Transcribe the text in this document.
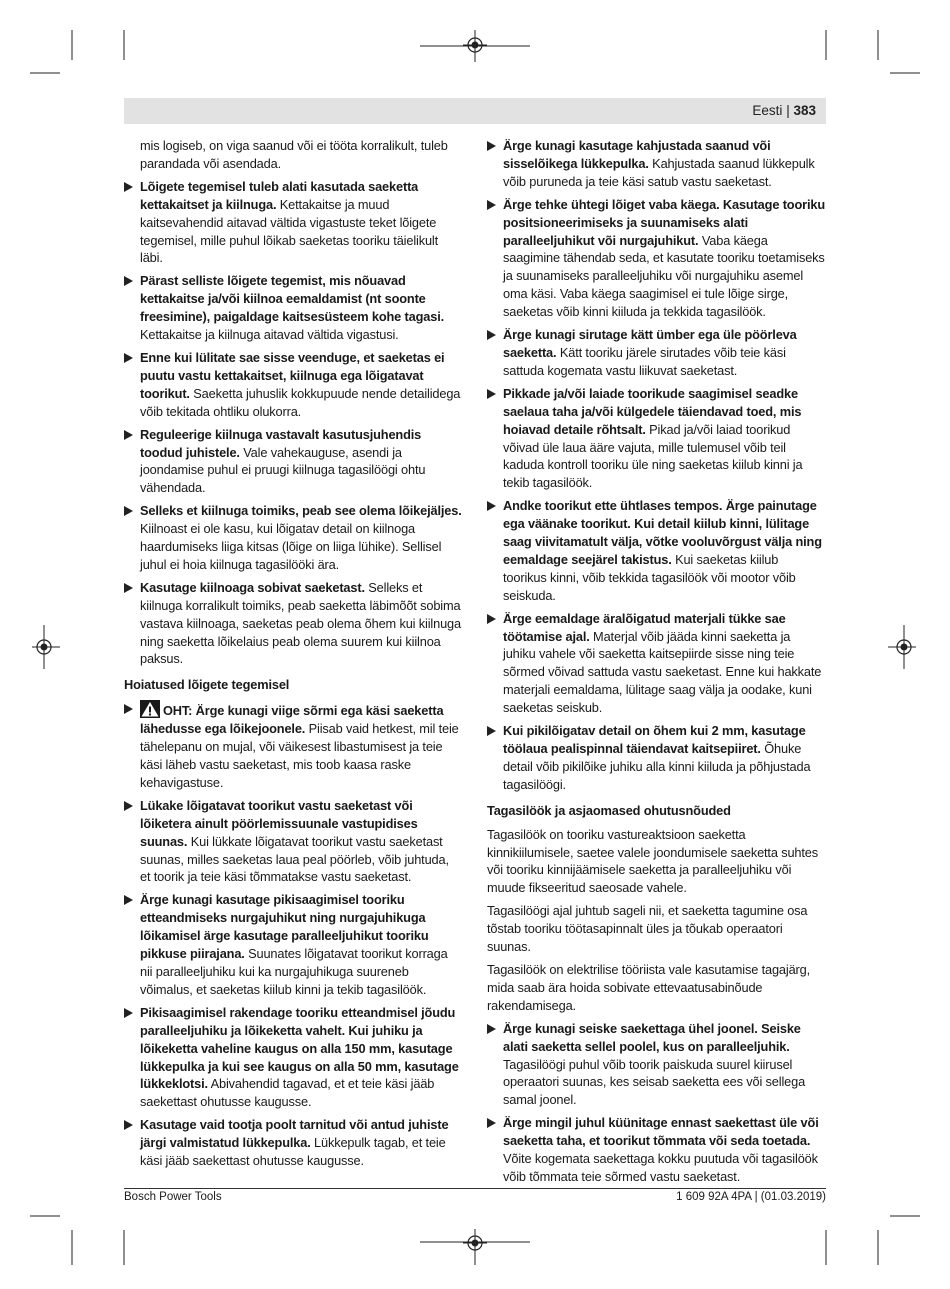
Eesti | 383

mis logiseb, on viga saanud või ei tööta korralikult, tuleb parandada või asendada.

Lõigete tegemisel tuleb alati kasutada saeketta kettakaitset ja kiilnuga. Kettakaitse ja muud kaitsevahendid aitavad vältida vigastuste teket lõigete tegemisel, mille puhul lõikab saeketas tooriku täielikult läbi.

Pärast selliste lõigete tegemist, mis nõuavad kettakaitse ja/või kiilnoa eemaldamist (nt soonte freesimine), paigaldage kaitsesüsteem kohe tagasi. Kettakaitse ja kiilnuga aitavad vältida vigastusi.

Enne kui lülitate sae sisse veenduge, et saeketas ei puutu vastu kettakaitset, kiilnuga ega lõigatavat toorikut. Saeketta juhuslik kokkupuude nende detailidega võib tekitada ohtliku olukorra.

Reguleerige kiilnuga vastavalt kasutusjuhendis toodud juhistele. Vale vahekauguse, asendi ja joondamise puhul ei pruugi kiilnuga tagasilöögi ohtu vähendada.

Selleks et kiilnuga toimiks, peab see olema lõikejäljes. Kiilnoast ei ole kasu, kui lõigatav detail on kiilnoga haardumiseks liiga kitsas (lõige on liiga lühike). Sellisel juhul ei hoia kiilnuga tagasilööki ära.

Kasutage kiilnoaga sobivat saeketast. Selleks et kiilnuga korralikult toimiks, peab saeketta läbimõõt sobima vastava kiilnoaga, saeketas peab olema õhem kui kiilnuga ning saeketta lõikelaius peab olema suurem kui kiilnoa paksus.

Hoiatused lõigete tegemisel

OHT: Ärge kunagi viige sõrmi ega käsi saeketta lähedusse ega lõikejoonele. Piisab vaid hetkest, mil teie tähelepanu on mujal, või väikesest libastumisest ja teie käsi läheb vastu saeketast, mis toob kaasa raske kehavigastuse.

Lükake lõigatavat toorikut vastu saeketast või lõiketera ainult pöörlemissuunale vastupidises suunas. Kui lükkate lõigatavat toorikut vastu saeketast suunas, milles saeketas laua peal pöörleb, võib juhtuda, et toorik ja teie käsi tõmmatakse vastu saeketast.

Ärge kunagi kasutage pikisaagimisel tooriku etteandmiseks nurgajuhikut ning nurgajuhikuga lõikamisel ärge kasutage paralleeljuhikut tooriku pikkuse piirajana. Suunates lõigatavat toorikut korraga nii paralleeljuhiku kui ka nurgajuhikuga suureneb võimalus, et saeketas kiilub kinni ja tekib tagasilöök.

Pikisaagimisel rakendage tooriku etteandmisel jõudu paralleeljuhiku ja lõikeketta vahelt. Kui juhiku ja lõikeketta vaheline kaugus on alla 150 mm, kasutage lükkepulka ja kui see kaugus on alla 50 mm, kasutage lükkeklotsi. Abivahendid tagavad, et et teie käsi jääb saekettast ohutusse kaugusse.

Kasutage vaid tootja poolt tarnitud või antud juhiste järgi valmistatud lükkepulka. Lükkepulk tagab, et teie käsi jääb saekettast ohutusse kaugusse.

Ärge kunagi kasutage kahjustada saanud või sisselõikega lükkepulka. Kahjustada saanud lükkepulk võib puruneda ja teie käsi satub vastu saeketast.

Ärge tehke ühtegi lõiget vaba käega. Kasutage tooriku positsioneerimiseks ja suunamiseks alati paralleeljuhikut või nurgajuhikut. Vaba käega saagimine tähendab seda, et kasutate tooriku toetamiseks ja suunamiseks paralleeljuhiku või nurgajuhiku asemel oma käsi. Vaba käega saagimisel ei tule lõige sirge, saeketas võib kinni kiiluda ja tekkida tagasilöök.

Ärge kunagi sirutage kätt ümber ega üle pöörleva saeketta. Kätt tooriku järele sirutades võib teie käsi sattuda kogemata vastu liikuvat saeketast.

Pikkade ja/või laiade toorikude saagimisel seadke saelaua taha ja/või külgedele täiendavad toed, mis hoiavad detaile rõhtsalt. Pikad ja/või laiad toorikud võivad üle laua ääre vajuta, mille tulemusel võib teil kaduda kontroll tooriku üle ning saeketas kiilub kinni ja tekib tagasilöök.

Andke toorikut ette ühtlases tempos. Ärge painutage ega väänake toorikut. Kui detail kiilub kinni, lülitage saag viivitamatult välja, võtke vooluvõrgust välja ning eemaldage seejärel takistus. Kui saeketas kiilub toorikus kinni, võib tekkida tagasilöök või mootor võib seiskuda.

Ärge eemaldage äralõigatud materjali tükke sae töötamise ajal. Materjal võib jääda kinni saeketta ja juhiku vahele või saeketta kaitsepiirde sisse ning teie sõrmed võivad sattuda vastu saeketast. Enne kui hakkate materjali eemaldama, lülitage saag välja ja oodake, kuni saeketas seiskub.

Kui pikilõigatav detail on õhem kui 2 mm, kasutage töölaua pealispinnal täiendavat kaitsepiiret. Õhuke detail võib pikilõike juhiku alla kinni kiiluda ja põhjustada tagasilöögi.

Tagasilöök ja asjaomased ohutusnõuded

Tagasilöök on tooriku vastureaktsioon saeketta kinnikiilumisele, saetee valele joondumisele saeketta suhtes või tooriku kinnijäämisele saeketta ja paralleeljuhiku või muude fikseeritud saeosade vahele.

Tagasilöögi ajal juhtub sageli nii, et saeketta tagumine osa tõstab tooriku töötasapinnalt üles ja tõukab operaatori suunas.

Tagasilöök on elektrilise tööriista vale kasutamise tagajärg, mida saab ära hoida sobivate ettevaatusabinõude rakendamisega.

Ärge kunagi seiske saekettaga ühel joonel. Seiske alati saeketta sellel poolel, kus on paralleeljuhik. Tagasilöögi puhul võib toorik paiskuda suurel kiirusel operaatori suunas, kes seisab saeketta ees või sellega samal joonel.

Ärge mingil juhul küünitage ennast saekettast üle või saeketta taha, et toorikut tõmmata või seda toetada. Võite kogemata saekettaga kokku puutuda või tagasilöök võib tõmmata teie sõrmed vastu saeketast.

Bosch Power Tools	1 609 92A 4PA | (01.03.2019)
